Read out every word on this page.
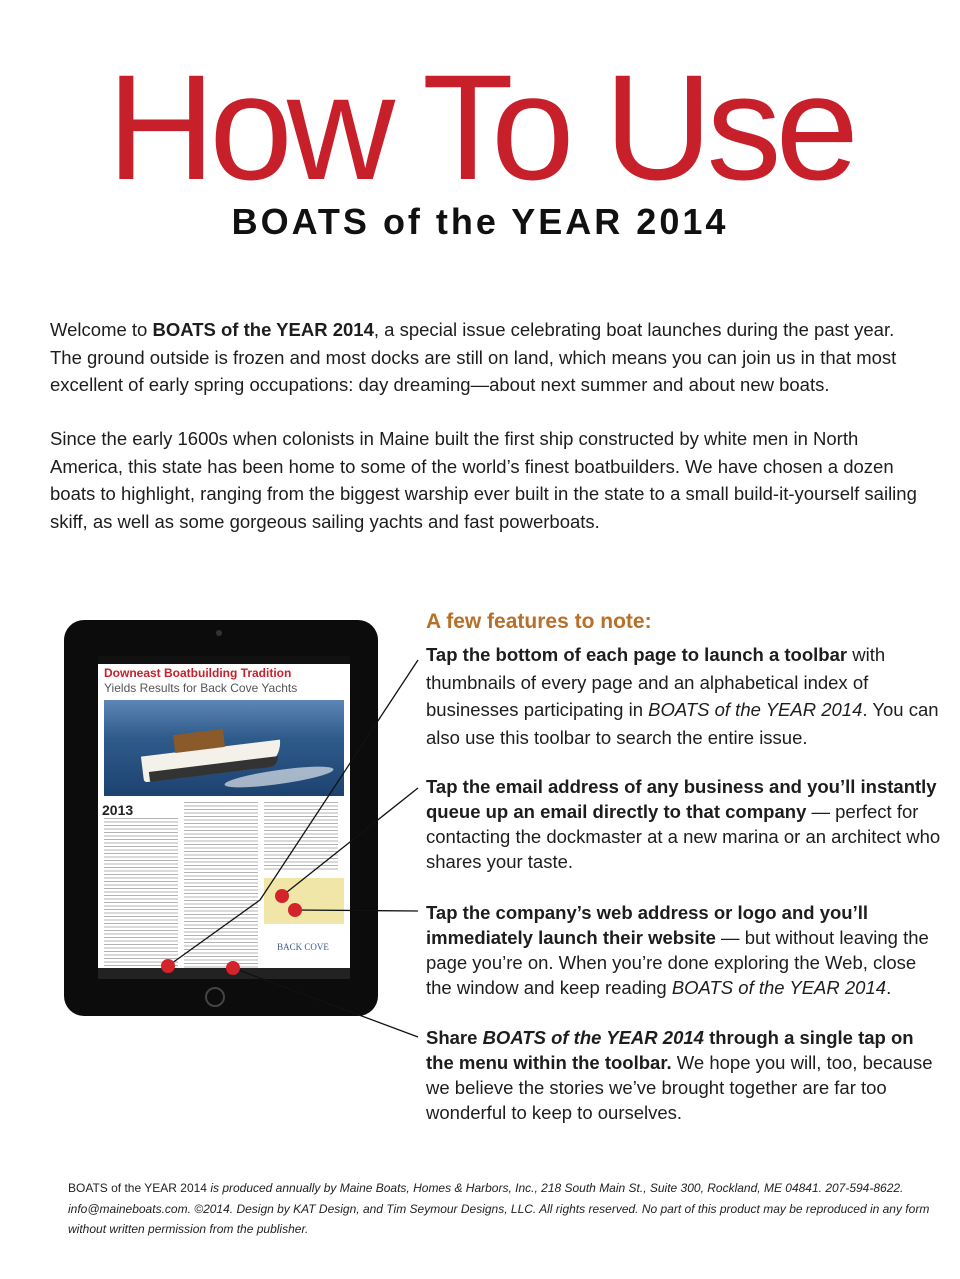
How To Use
BOATS of the YEAR 2014

Welcome to BOATS of the YEAR 2014, a special issue celebrating boat launches during the past year. The ground outside is frozen and most docks are still on land, which means you can join us in that most excellent of early spring occupations: day dreaming—about next summer and about new boats.

Since the early 1600s when colonists in Maine built the first ship constructed by white men in North America, this state has been home to some of the world’s finest boatbuilders. We have chosen a dozen boats to highlight, ranging from the biggest warship ever built in the state to a small build-it-yourself sailing skiff, as well as some gorgeous sailing yachts and fast powerboats.

Downeast Boatbuilding Tradition

Yields Results for Back Cove Yachts

2013

BACK COVE

A few features to note:

Tap the bottom of each page to launch a toolbar with thumbnails of every page and an alphabetical index of businesses participating in BOATS of the YEAR 2014. You can also use this toolbar to search the entire issue.

Tap the email address of any business and you’ll instantly queue up an email directly to that company — perfect for contacting the dockmaster at a new marina or an architect who shares your taste.

Tap the company’s web address or logo and you’ll immediately launch their website — but without leaving the page you’re on. When you’re done exploring the Web, close the window and keep reading BOATS of the YEAR 2014.

Share BOATS of the YEAR 2014 through a single tap on the menu within the toolbar. We hope you will, too, because we believe the stories we’ve brought together are far too wonderful to keep to ourselves.

BOATS of the YEAR 2014 is produced annually by Maine Boats, Homes & Harbors, Inc., 218 South Main St., Suite 300, Rockland, ME 04841. 207-594-8622. info@maineboats.com. ©2014. Design by KAT Design, and Tim Seymour Designs, LLC. All rights reserved. No part of this product may be reproduced in any form without written permission from the publisher.
